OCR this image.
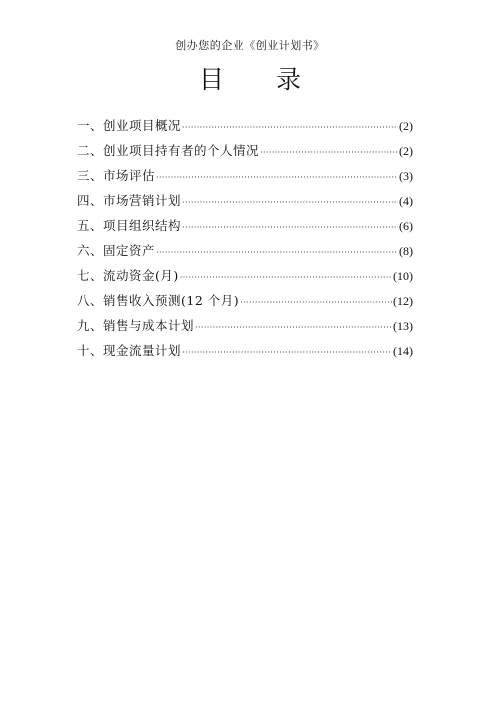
创办您的企业《创业计划书》
目 录
一、创业项目概况 ·····	(2)
二、创业项目持有者的个人情况 ·····	(2)
三、市场评估 ·····	(3)
四、市场营销计划 ·····	(4)
五、项目组织结构 ·····	(6)
六、固定资产 ·····	(8)
七、流动资金(月) ·····	(10)
八、销售收入预测(12 个月) ·····	(12)
九、销售与成本计划 ·····	(13)
十、现金流量计划 ·····	(14)
